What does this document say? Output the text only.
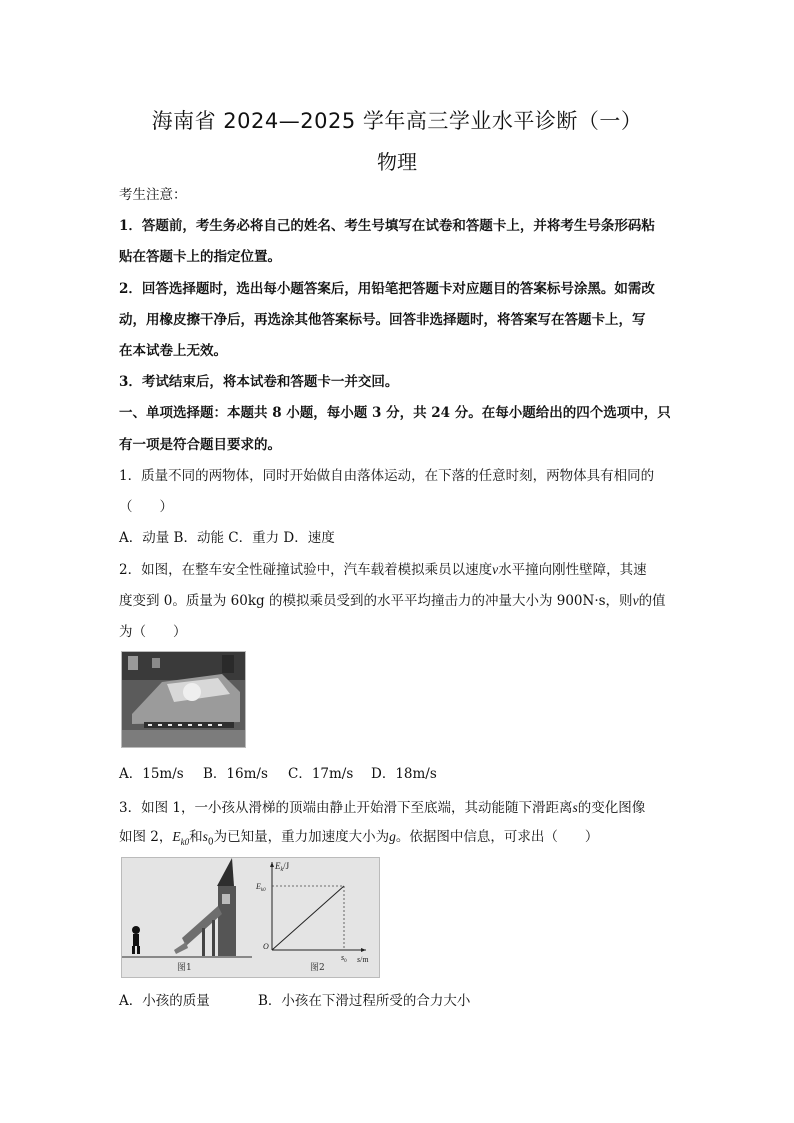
海南省 2024—2025 学年高三学业水平诊断（一）
物理
考生注意：
1．答题前，考生务必将自己的姓名、考生号填写在试卷和答题卡上，并将考生号条形码粘
贴在答题卡上的指定位置。
2．回答选择题时，选出每小题答案后，用铅笔把答题卡对应题目的答案标号涂黑。如需改
动，用橡皮擦干净后，再选涂其他答案标号。回答非选择题时，将答案写在答题卡上，写
在本试卷上无效。
3．考试结束后，将本试卷和答题卡一并交回。
一、单项选择题：本题共 8 小题，每小题 3 分，共 24 分。在每小题给出的四个选项中，只
有一项是符合题目要求的。
1．质量不同的两物体，同时开始做自由落体运动，在下落的任意时刻，两物体具有相同的
（　　）
A．动量 B．动能 C．重力 D．速度
2．如图，在整车安全性碰撞试验中，汽车载着模拟乘员以速度v水平撞向刚性壁障，其速
度变到 0。质量为 60kg 的模拟乘员受到的水平平均撞击力的冲量大小为 900N·s，则v的值
为（　　）
A．15m/s B．16m/s C．17m/s D．18m/s
3．如图 1，一小孩从滑梯的顶端由静止开始滑下至底端，其动能随下滑距离s的变化图像
如图 2，$E_{k0}$和$s_0$为已知量，重力加速度大小为g。依据图中信息，可求出（　　）
图1
$E_k/J$
$E_{k0}$
O
$s_0$ s/m
图2
A．小孩的质量	B．小孩在下滑过程所受的合力大小
